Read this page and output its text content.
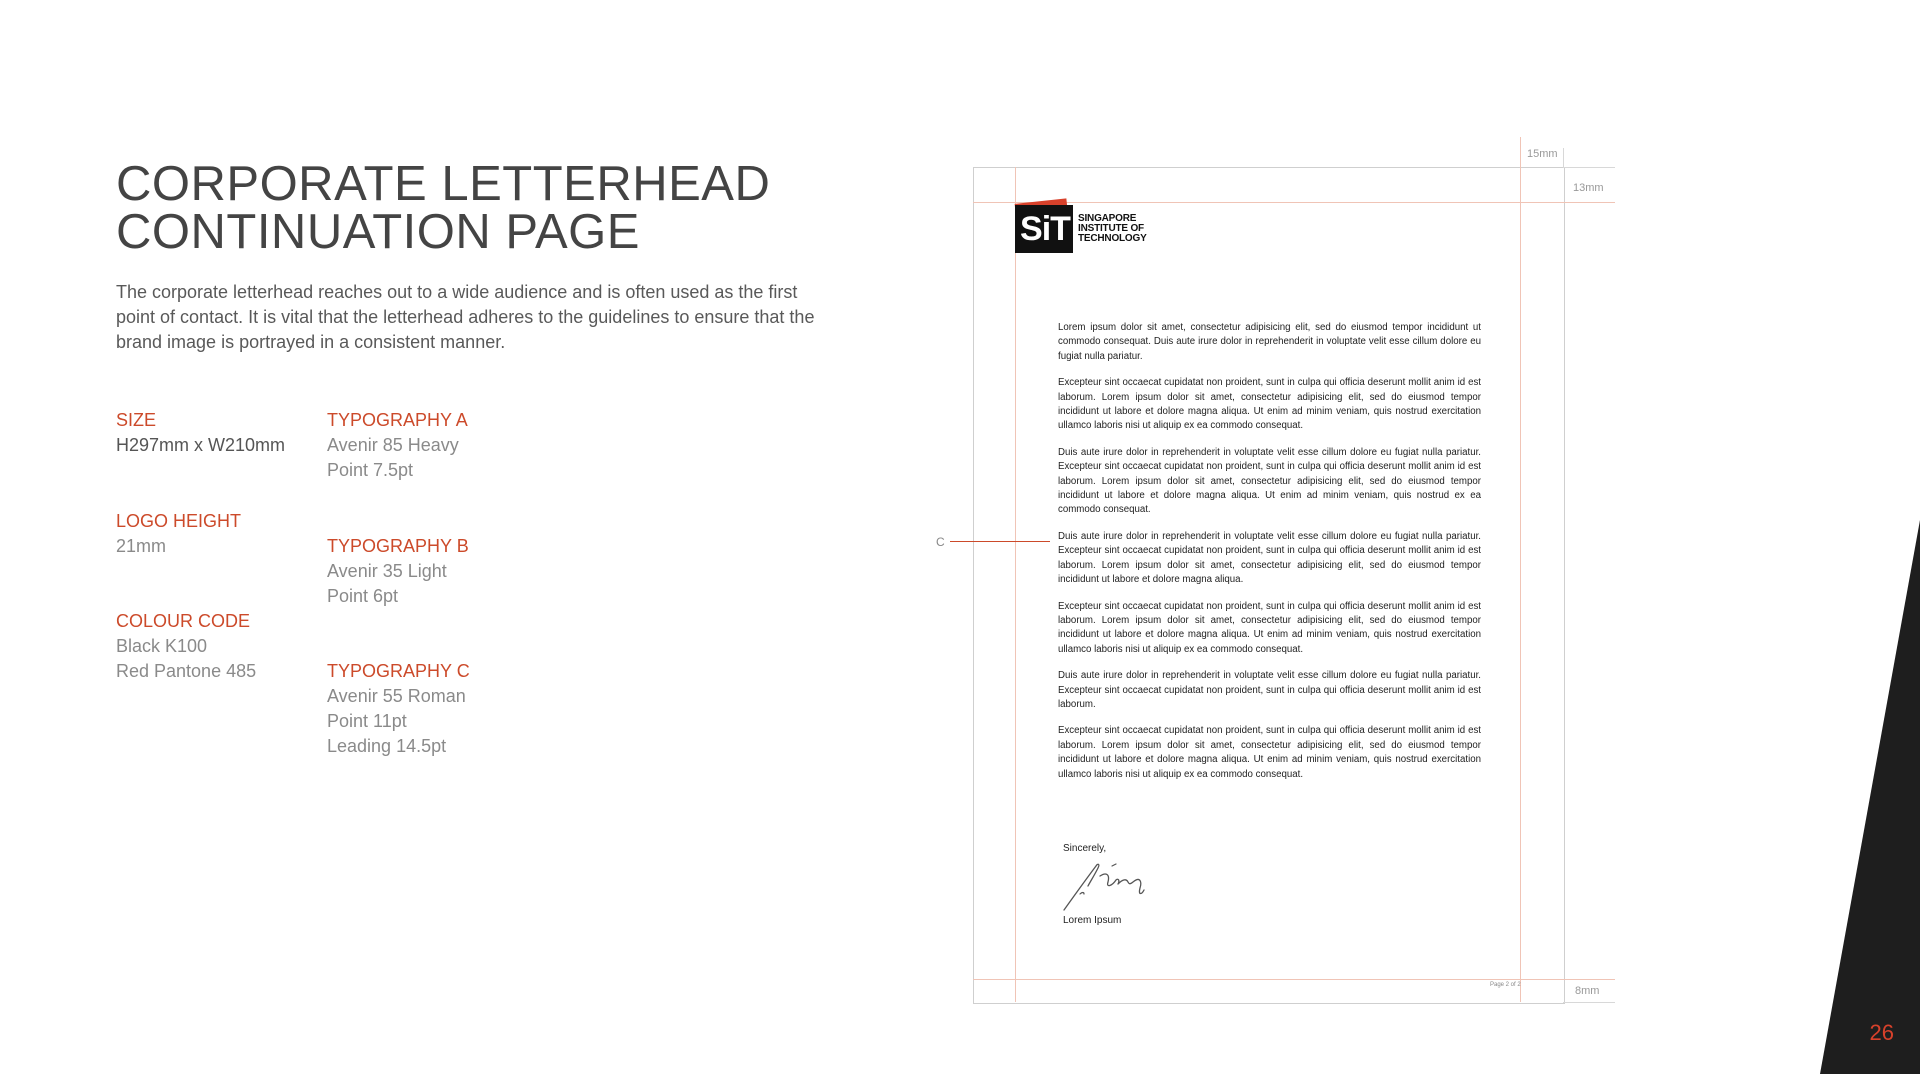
CORPORATE LETTERHEAD
CONTINUATION PAGE

The corporate letterhead reaches out to a wide audience and is often used as the first point of contact. It is vital that the letterhead adheres to the guidelines to ensure that the brand image is portrayed in a consistent manner.

SIZE
H297mm x W210mm
LOGO HEIGHT
21mm
COLOUR CODE
Black K100
Red Pantone 485
TYPOGRAPHY A
Avenir 85 Heavy
Point 7.5pt
TYPOGRAPHY B
Avenir 35 Light
Point 6pt
TYPOGRAPHY C
Avenir 55 Roman
Point 11pt
Leading 14.5pt
15mm
13mm
8mm
SiT SINGAPORE
INSTITUTE OF
TECHNOLOGY
C

Lorem ipsum dolor sit amet, consectetur adipisicing elit, sed do eiusmod tempor incididunt ut commodo consequat. Duis aute irure dolor in reprehenderit in voluptate velit esse cillum dolore eu fugiat nulla pariatur.

Excepteur sint occaecat cupidatat non proident, sunt in culpa qui officia deserunt mollit anim id est laborum. Lorem ipsum dolor sit amet, consectetur adipisicing elit, sed do eiusmod tempor incididunt ut labore et dolore magna aliqua. Ut enim ad minim veniam, quis nostrud exercitation ullamco laboris nisi ut aliquip ex ea commodo consequat.

Duis aute irure dolor in reprehenderit in voluptate velit esse cillum dolore eu fugiat nulla pariatur. Excepteur sint occaecat cupidatat non proident, sunt in culpa qui officia deserunt mollit anim id est laborum. Lorem ipsum dolor sit amet, consectetur adipisicing elit, sed do eiusmod tempor incididunt ut labore et dolore magna aliqua. Ut enim ad minim veniam, quis nostrud ex ea commodo consequat.

Duis aute irure dolor in reprehenderit in voluptate velit esse cillum dolore eu fugiat nulla pariatur. Excepteur sint occaecat cupidatat non proident, sunt in culpa qui officia deserunt mollit anim id est laborum. Lorem ipsum dolor sit amet, consectetur adipisicing elit, sed do eiusmod tempor incididunt ut labore et dolore magna aliqua.

Excepteur sint occaecat cupidatat non proident, sunt in culpa qui officia deserunt mollit anim id est laborum. Lorem ipsum dolor sit amet, consectetur adipisicing elit, sed do eiusmod tempor incididunt ut labore et dolore magna aliqua. Ut enim ad minim veniam, quis nostrud exercitation ullamco laboris nisi ut aliquip ex ea commodo consequat.

Duis aute irure dolor in reprehenderit in voluptate velit esse cillum dolore eu fugiat nulla pariatur. Excepteur sint occaecat cupidatat non proident, sunt in culpa qui officia deserunt mollit anim id est laborum.

Excepteur sint occaecat cupidatat non proident, sunt in culpa qui officia deserunt mollit anim id est laborum. Lorem ipsum dolor sit amet, consectetur adipisicing elit, sed do eiusmod tempor incididunt ut labore et dolore magna aliqua. Ut enim ad minim veniam, quis nostrud exercitation ullamco laboris nisi ut aliquip ex ea commodo consequat.

Sincerely,
Lorem Ipsum
Page 2 of 2
26
